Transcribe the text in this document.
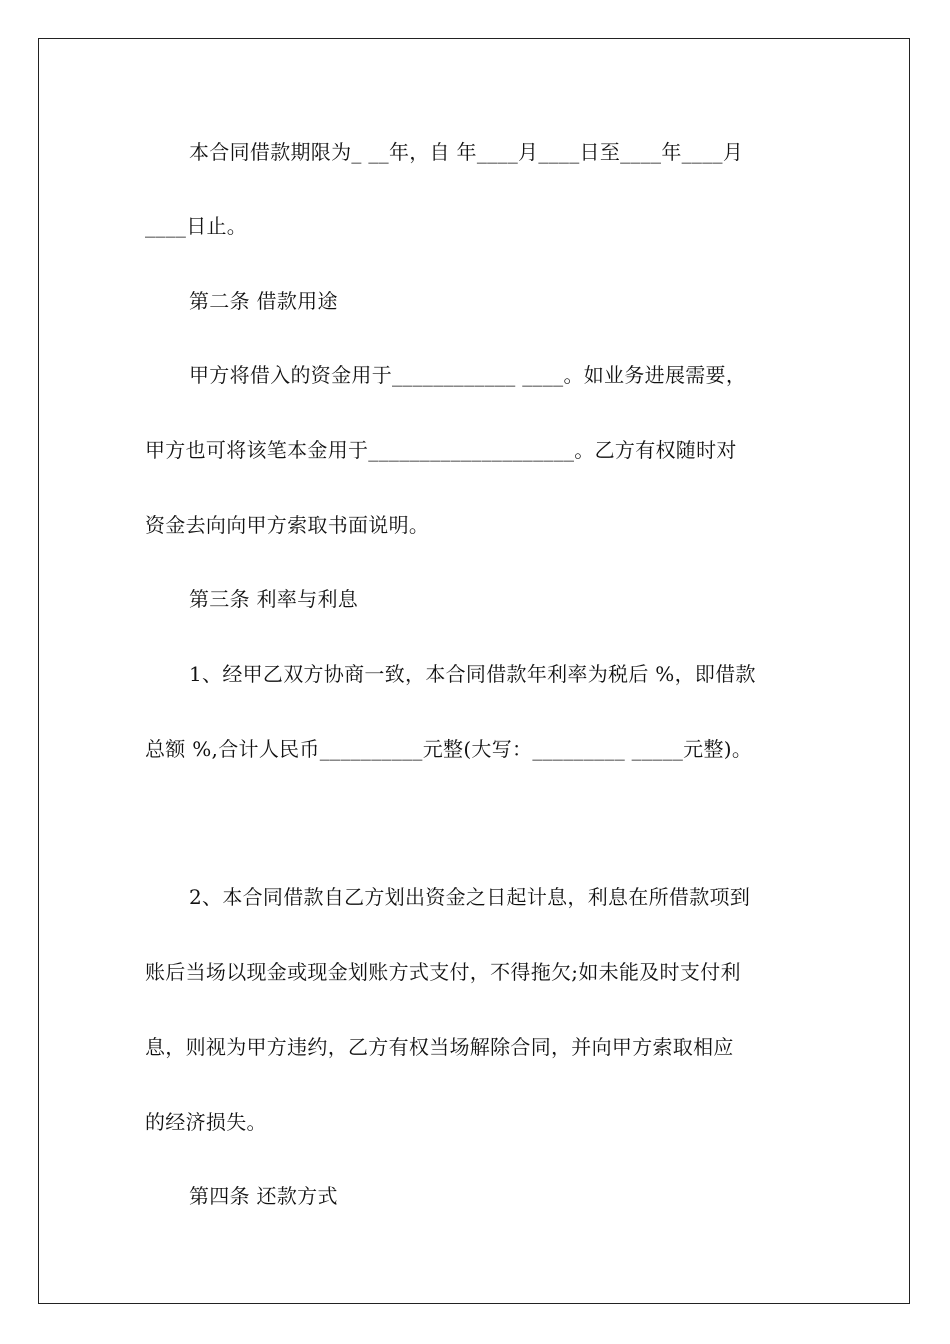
本合同借款期限为_ __年，自 年____月____日至____年____月
____日止。
第二条 借款用途
甲方将借入的资金用于____________ ____。如业务进展需要，
甲方也可将该笔本金用于____________________。乙方有权随时对
资金去向向甲方索取书面说明。
第三条 利率与利息
1、经甲乙双方协商一致，本合同借款年利率为税后 %，即借款
总额 %,合计人民币__________元整(大写：_________ _____元整)。
2、本合同借款自乙方划出资金之日起计息，利息在所借款项到
账后当场以现金或现金划账方式支付，不得拖欠;如未能及时支付利
息，则视为甲方违约，乙方有权当场解除合同，并向甲方索取相应
的经济损失。
第四条 还款方式
